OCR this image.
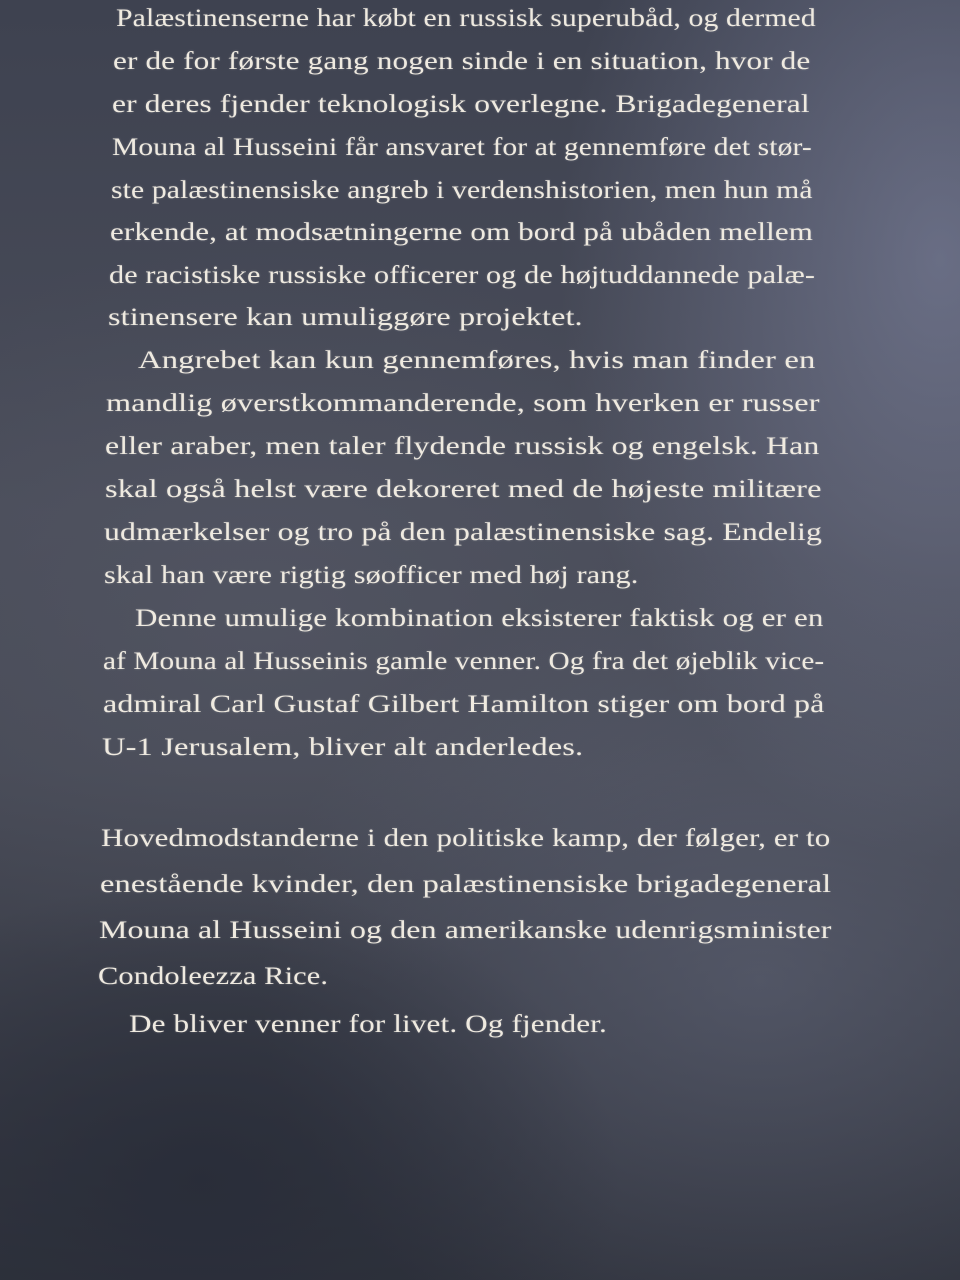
Palæstinenserne har købt en russisk superubåd, og dermed
er de for første gang nogen sinde i en situation, hvor de
er deres fjender teknologisk overlegne. Brigadegeneral
Mouna al Husseini får ansvaret for at gennemføre det stør-
ste palæstinensiske angreb i verdenshistorien, men hun må
erkende, at modsætningerne om bord på ubåden mellem
de racistiske russiske officerer og de højtuddannede palæ-
stinensere kan umuliggøre projektet.
Angrebet kan kun gennemføres, hvis man finder en
mandlig øverstkommanderende, som hverken er russer
eller araber, men taler flydende russisk og engelsk. Han
skal også helst være dekoreret med de højeste militære
udmærkelser og tro på den palæstinensiske sag. Endelig
skal han være rigtig søofficer med høj rang.
Denne umulige kombination eksisterer faktisk og er en
af Mouna al Husseinis gamle venner. Og fra det øjeblik vice-
admiral Carl Gustaf Gilbert Hamilton stiger om bord på
U-1 Jerusalem, bliver alt anderledes.
Hovedmodstanderne i den politiske kamp, der følger, er to
enestående kvinder, den palæstinensiske brigadegeneral
Mouna al Husseini og den amerikanske udenrigsminister
Condoleezza Rice.
De bliver venner for livet. Og fjender.
